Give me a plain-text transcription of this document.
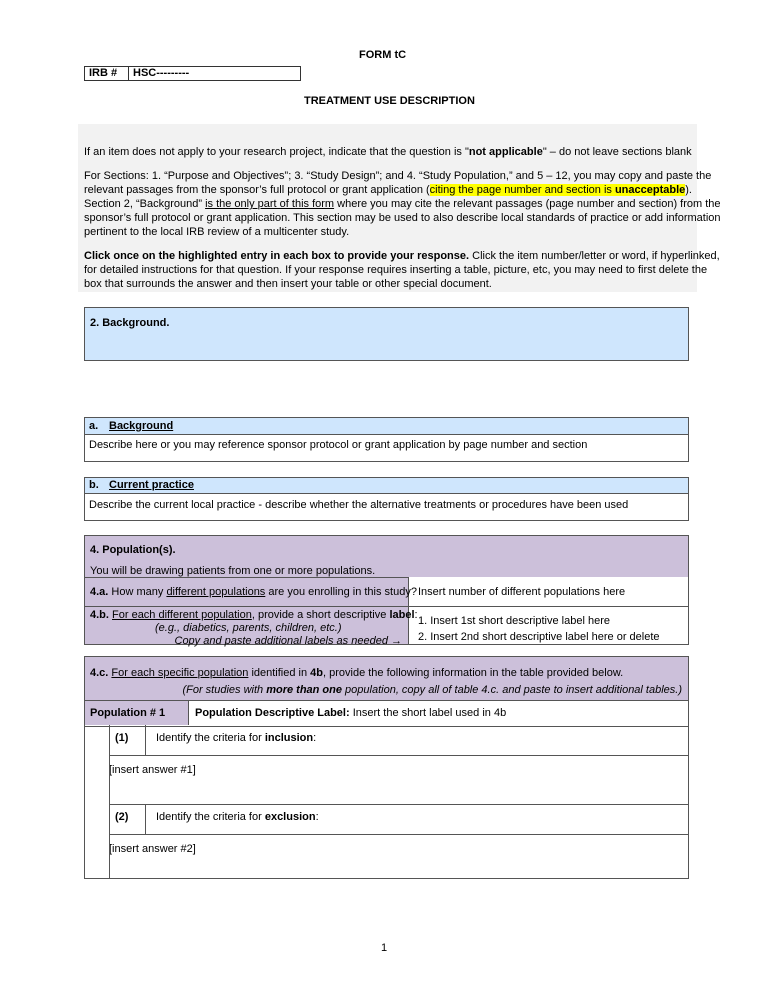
FORM tC
IRB # HSC---------
TREATMENT USE DESCRIPTION
If an item does not apply to your research project, indicate that the question is "not applicable" – do not leave sections blank
For Sections: 1. “Purpose and Objectives”; 3. “Study Design”; and 4. “Study Population,” and 5 – 12, you may copy and paste the
relevant passages from the sponsor’s full protocol or grant application (citing the page number and section is unacceptable).
Section 2, “Background” is the only part of this form where you may cite the relevant passages (page number and section) from the
sponsor’s full protocol or grant application. This section may be used to also describe local standards of practice or add information
pertinent to the local IRB review of a multicenter study.
Click once on the highlighted entry in each box to provide your response. Click the item number/letter or word, if hyperlinked,
for detailed instructions for that question. If your response requires inserting a table, picture, etc, you may need to first delete the
box that surrounds the answer and then insert your table or other special document.
2. Background.
a. Background
Describe here or you may reference sponsor protocol or grant application by page number and section
b. Current practice
Describe the current local practice - describe whether the alternative treatments or procedures have been used
4. Population(s).
You will be drawing patients from one or more populations.
4.a. How many different populations are you enrolling in this study? Insert number of different populations here
4.b. For each different population, provide a short descriptive label:
(e.g., diabetics, parents, children, etc.)
Copy and paste additional labels as needed →
1. Insert 1st short descriptive label here
2. Insert 2nd short descriptive label here or delete
4.c. For each specific population identified in 4b, provide the following information in the table provided below.
(For studies with more than one population, copy all of table 4.c. and paste to insert additional tables.)
Population # 1	Population Descriptive Label: Insert the short label used in 4b
(1)	Identify the criteria for inclusion:
[insert answer #1]
(2)	Identify the criteria for exclusion:
[insert answer #2]
1
